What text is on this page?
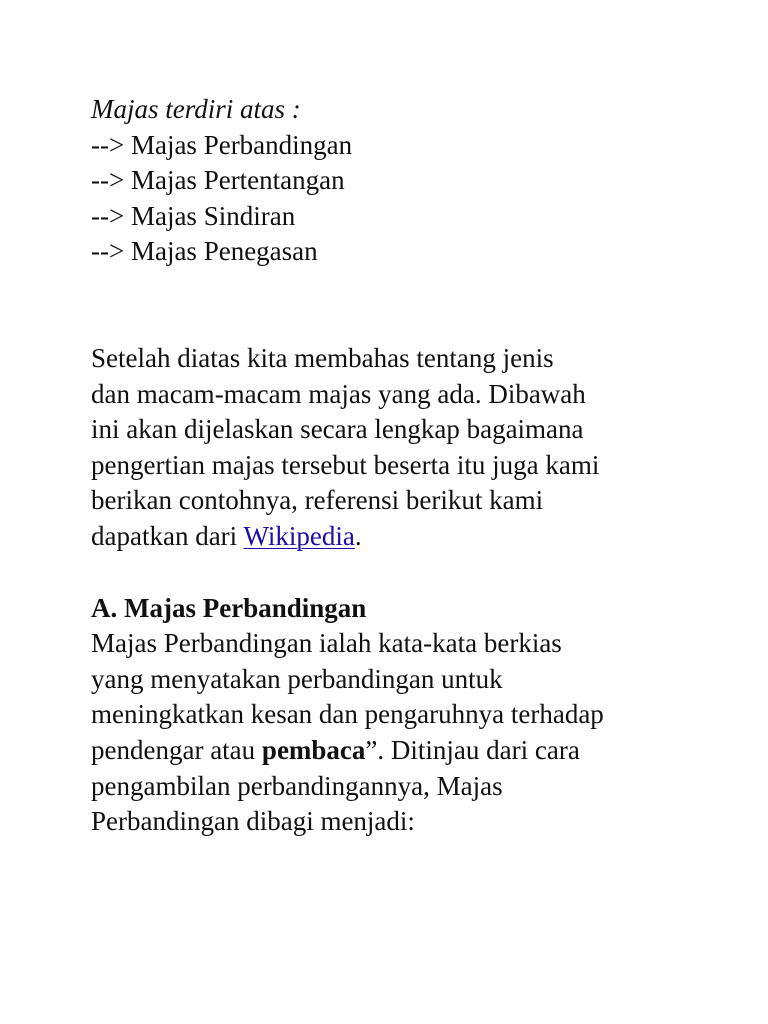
Majas terdiri atas :
--> Majas Perbandingan
--> Majas Pertentangan
--> Majas Sindiran
--> Majas Penegasan
Setelah diatas kita membahas tentang jenis
dan macam-macam majas yang ada. Dibawah
ini akan dijelaskan secara lengkap bagaimana
pengertian majas tersebut beserta itu juga kami
berikan contohnya, referensi berikut kami
dapatkan dari Wikipedia.
A. Majas Perbandingan
Majas Perbandingan ialah kata-kata berkias
yang menyatakan perbandingan untuk
meningkatkan kesan dan pengaruhnya terhadap
pendengar atau pembaca”. Ditinjau dari cara
pengambilan perbandingannya, Majas
Perbandingan dibagi menjadi:
